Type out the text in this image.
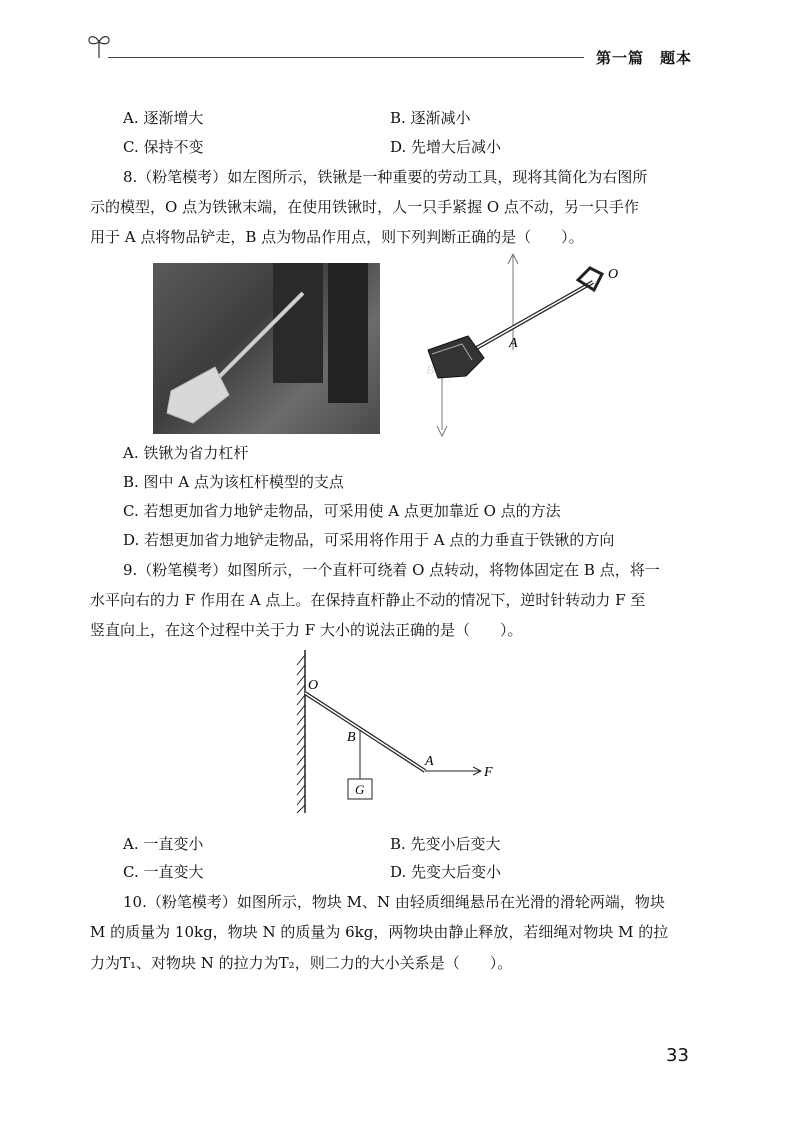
第一篇　题本
A. 逐渐增大	B. 逐渐减小
C. 保持不变	D. 先增大后减小
8.（粉笔模考）如左图所示，铁锹是一种重要的劳动工具，现将其简化为右图所
示的模型，O 点为铁锹末端，在使用铁锹时，人一只手紧握 O 点不动，另一只手作
用于 A 点将物品铲走，B 点为物品作用点，则下列判断正确的是（　　）。
O
A
B
A. 铁锹为省力杠杆
B. 图中 A 点为该杠杆模型的支点
C. 若想更加省力地铲走物品，可采用使 A 点更加靠近 O 点的方法
D. 若想更加省力地铲走物品，可采用将作用于 A 点的力垂直于铁锹的方向
9.（粉笔模考）如图所示，一个直杆可绕着 O 点转动，将物体固定在 B 点，将一
水平向右的力 F 作用在 A 点上。在保持直杆静止不动的情况下，逆时针转动力 F 至
竖直向上，在这个过程中关于力 F 大小的说法正确的是（　　）。
O
B
A
F
G
A. 一直变小	B. 先变小后变大
C. 一直变大	D. 先变大后变小
10.（粉笔模考）如图所示，物块 M、N 由轻质细绳悬吊在光滑的滑轮两端，物块
M 的质量为 10kg，物块 N 的质量为 6kg，两物块由静止释放，若细绳对物块 M 的拉
力为T₁、对物块 N 的拉力为T₂，则二力的大小关系是（　　）。
33
